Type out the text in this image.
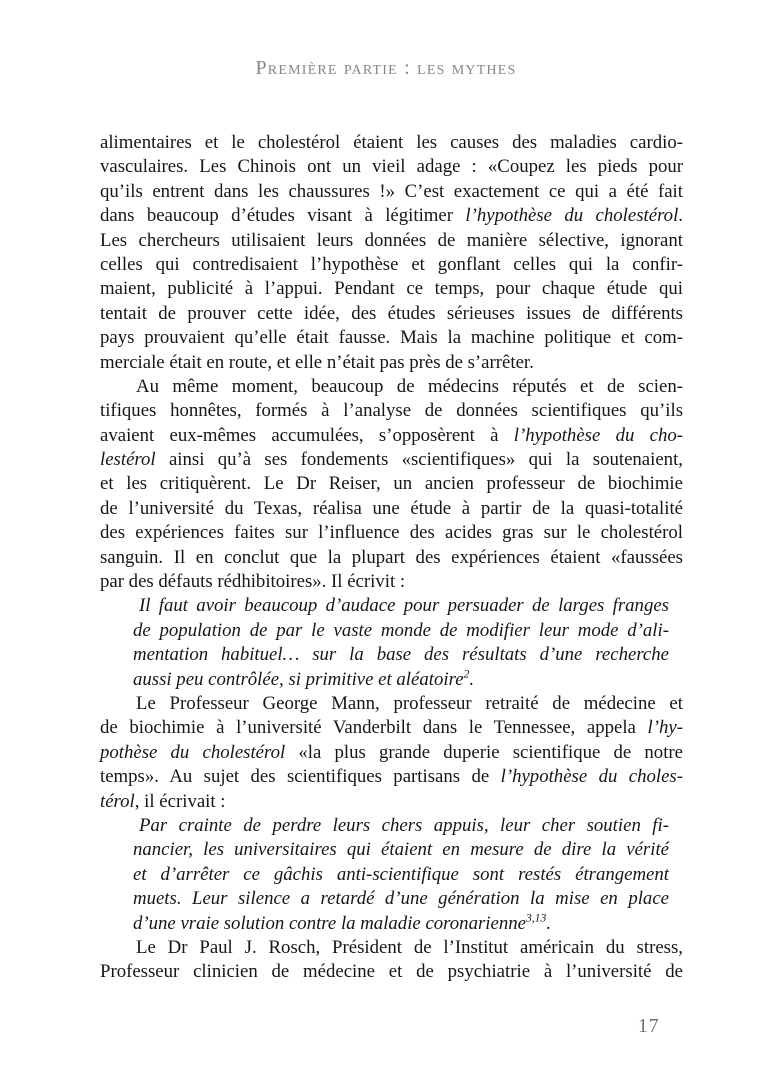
Première partie : les mythes
alimentaires et le cholestérol étaient les causes des maladies cardio-
vasculaires. Les Chinois ont un vieil adage : «Coupez les pieds pour
qu’ils entrent dans les chaussures !» C’est exactement ce qui a été fait
dans beaucoup d’études visant à légitimer l’hypothèse du cholestérol.
Les chercheurs utilisaient leurs données de manière sélective, ignorant
celles qui contredisaient l’hypothèse et gonflant celles qui la confir-
maient, publicité à l’appui. Pendant ce temps, pour chaque étude qui
tentait de prouver cette idée, des études sérieuses issues de différents
pays prouvaient qu’elle était fausse. Mais la machine politique et com-
merciale était en route, et elle n’était pas près de s’arrêter.
Au même moment, beaucoup de médecins réputés et de scien-
tifiques honnêtes, formés à l’analyse de données scientifiques qu’ils
avaient eux-mêmes accumulées, s’opposèrent à l’hypothèse du cho-
lestérol ainsi qu’à ses fondements «scientifiques» qui la soutenaient,
et les critiquèrent. Le Dr Reiser, un ancien professeur de biochimie
de l’université du Texas, réalisa une étude à partir de la quasi-totalité
des expériences faites sur l’influence des acides gras sur le cholestérol
sanguin. Il en conclut que la plupart des expériences étaient «faussées
par des défauts rédhibitoires». Il écrivit :
Il faut avoir beaucoup d’audace pour persuader de larges franges
de population de par le vaste monde de modifier leur mode d’ali-
mentation habituel… sur la base des résultats d’une recherche
aussi peu contrôlée, si primitive et aléatoire$^2$.
Le Professeur George Mann, professeur retraité de médecine et
de biochimie à l’université Vanderbilt dans le Tennessee, appela l’hy-
pothèse du cholestérol «la plus grande duperie scientifique de notre
temps». Au sujet des scientifiques partisans de l’hypothèse du choles-
térol, il écrivait :
Par crainte de perdre leurs chers appuis, leur cher soutien fi-
nancier, les universitaires qui étaient en mesure de dire la vérité
et d’arrêter ce gâchis anti-scientifique sont restés étrangement
muets. Leur silence a retardé d’une génération la mise en place
d’une vraie solution contre la maladie coronarienne$^{3,13}$.
Le Dr Paul J. Rosch, Président de l’Institut américain du stress,
Professeur clinicien de médecine et de psychiatrie à l’université de
17
